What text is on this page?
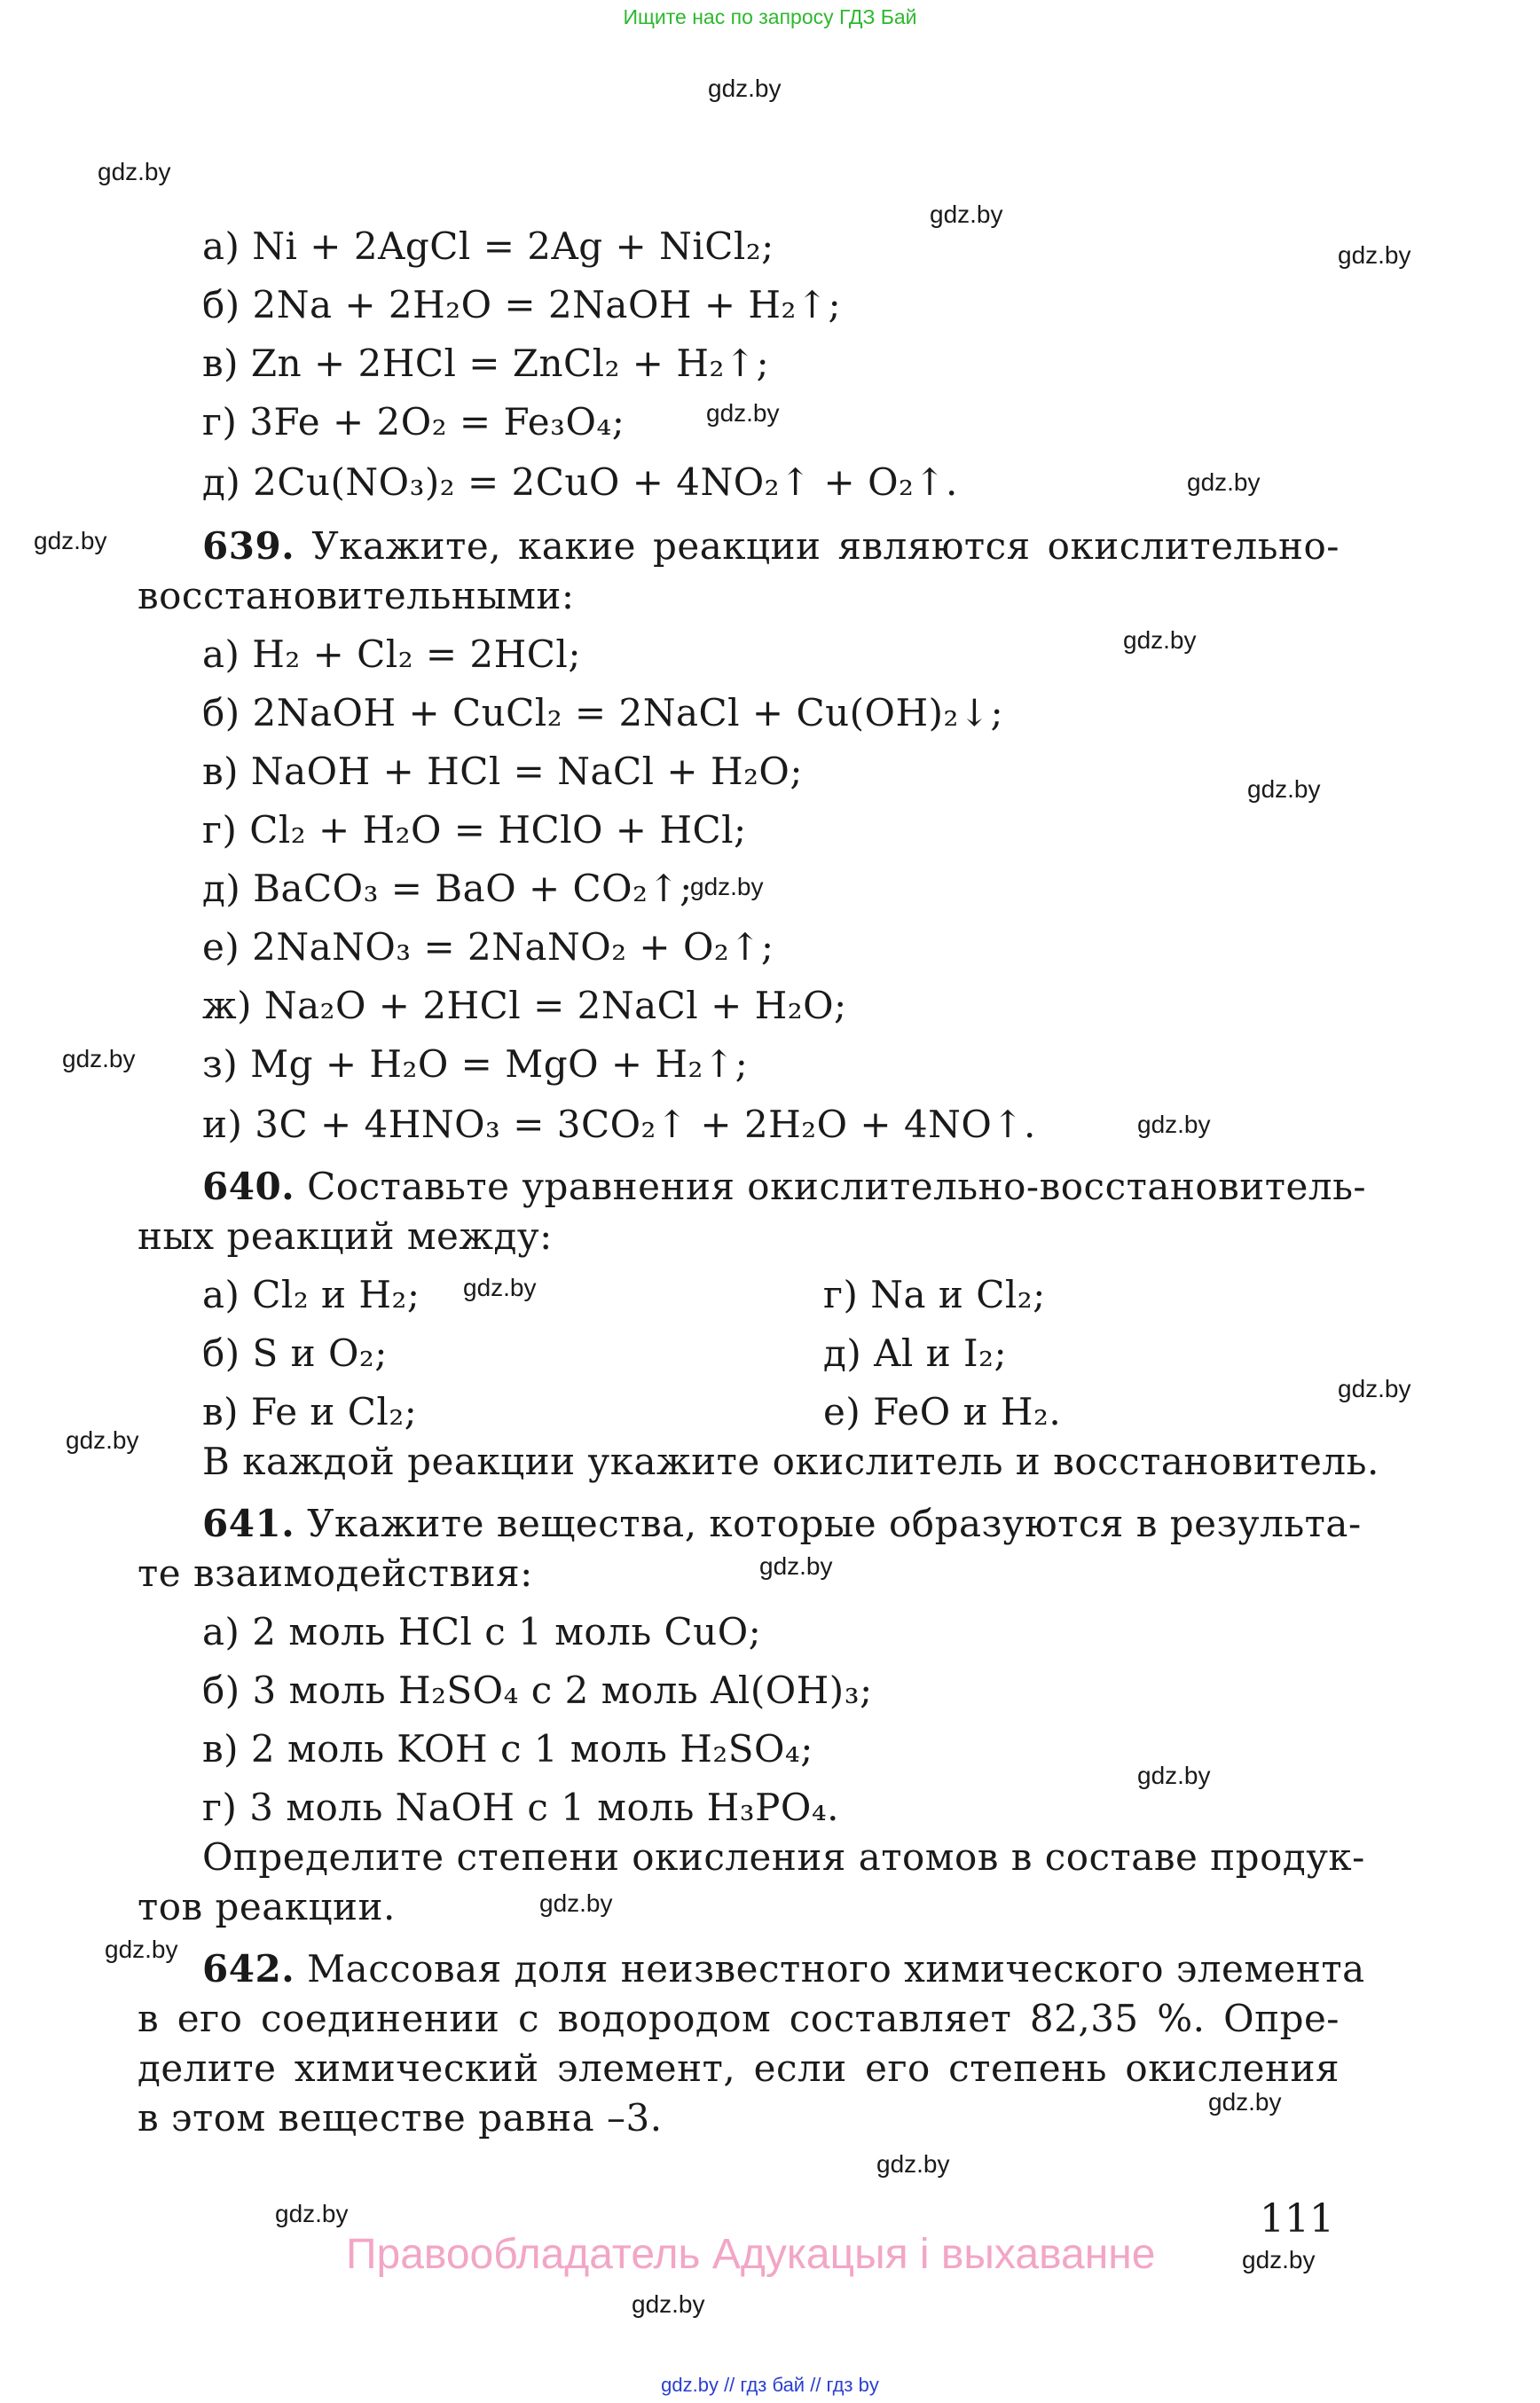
Ищите нас по запросу ГДЗ Бай
gdz.by
gdz.by
gdz.by
gdz.by
gdz.by
gdz.by
gdz.by
gdz.by
gdz.by
gdz.by
gdz.by
gdz.by
gdz.by
gdz.by
gdz.by
gdz.by
gdz.by
gdz.by
gdz.by
gdz.by
gdz.by
gdz.by
gdz.by
gdz.by
а) Ni + 2AgCl = 2Ag + NiCl₂;
б) 2Na + 2H₂O = 2NaOH + H₂↑;
в) Zn + 2HCl = ZnCl₂ + H₂↑;
г) 3Fe + 2O₂ = Fe₃O₄;
д) 2Cu(NO₃)₂ = 2CuO + 4NO₂↑ + O₂↑.
639. Укажите, какие реакции являются окислительно-
восстановительными:
а) H₂ + Cl₂ = 2HCl;
б) 2NaOH + CuCl₂ = 2NaCl + Cu(OH)₂↓;
в) NaOH + HCl = NaCl + H₂O;
г) Cl₂ + H₂O = HClO + HCl;
д) BaCO₃ = BaO + CO₂↑;
е) 2NaNO₃ = 2NaNO₂ + O₂↑;
ж) Na₂O + 2HCl = 2NaCl + H₂O;
з) Mg + H₂O = MgO + H₂↑;
и) 3C + 4HNO₃ = 3CO₂↑ + 2H₂O + 4NO↑.
640. Составьте уравнения окислительно-восстановитель-
ных реакций между:
а) Cl₂ и H₂;	г) Na и Cl₂;
б) S и O₂;	д) Al и I₂;
в) Fe и Cl₂;	е) FeO и H₂.
В каждой реакции укажите окислитель и восстановитель.
641. Укажите вещества, которые образуются в результа-
те взаимодействия:
а) 2 моль HCl с 1 моль CuO;
б) 3 моль H₂SO₄ с 2 моль Al(OH)₃;
в) 2 моль KOH с 1 моль H₂SO₄;
г) 3 моль NaOH с 1 моль H₃PO₄.
Определите степени окисления атомов в составе продук-
тов реакции.
642. Массовая доля неизвестного химического элемента
в его соединении с водородом составляет 82,35 %. Опре-
делите химический элемент, если его степень окисления
в этом веществе равна –3.
111
Правообладатель Адукацыя і выхаванне
gdz.by // гдз бай // гдз by
